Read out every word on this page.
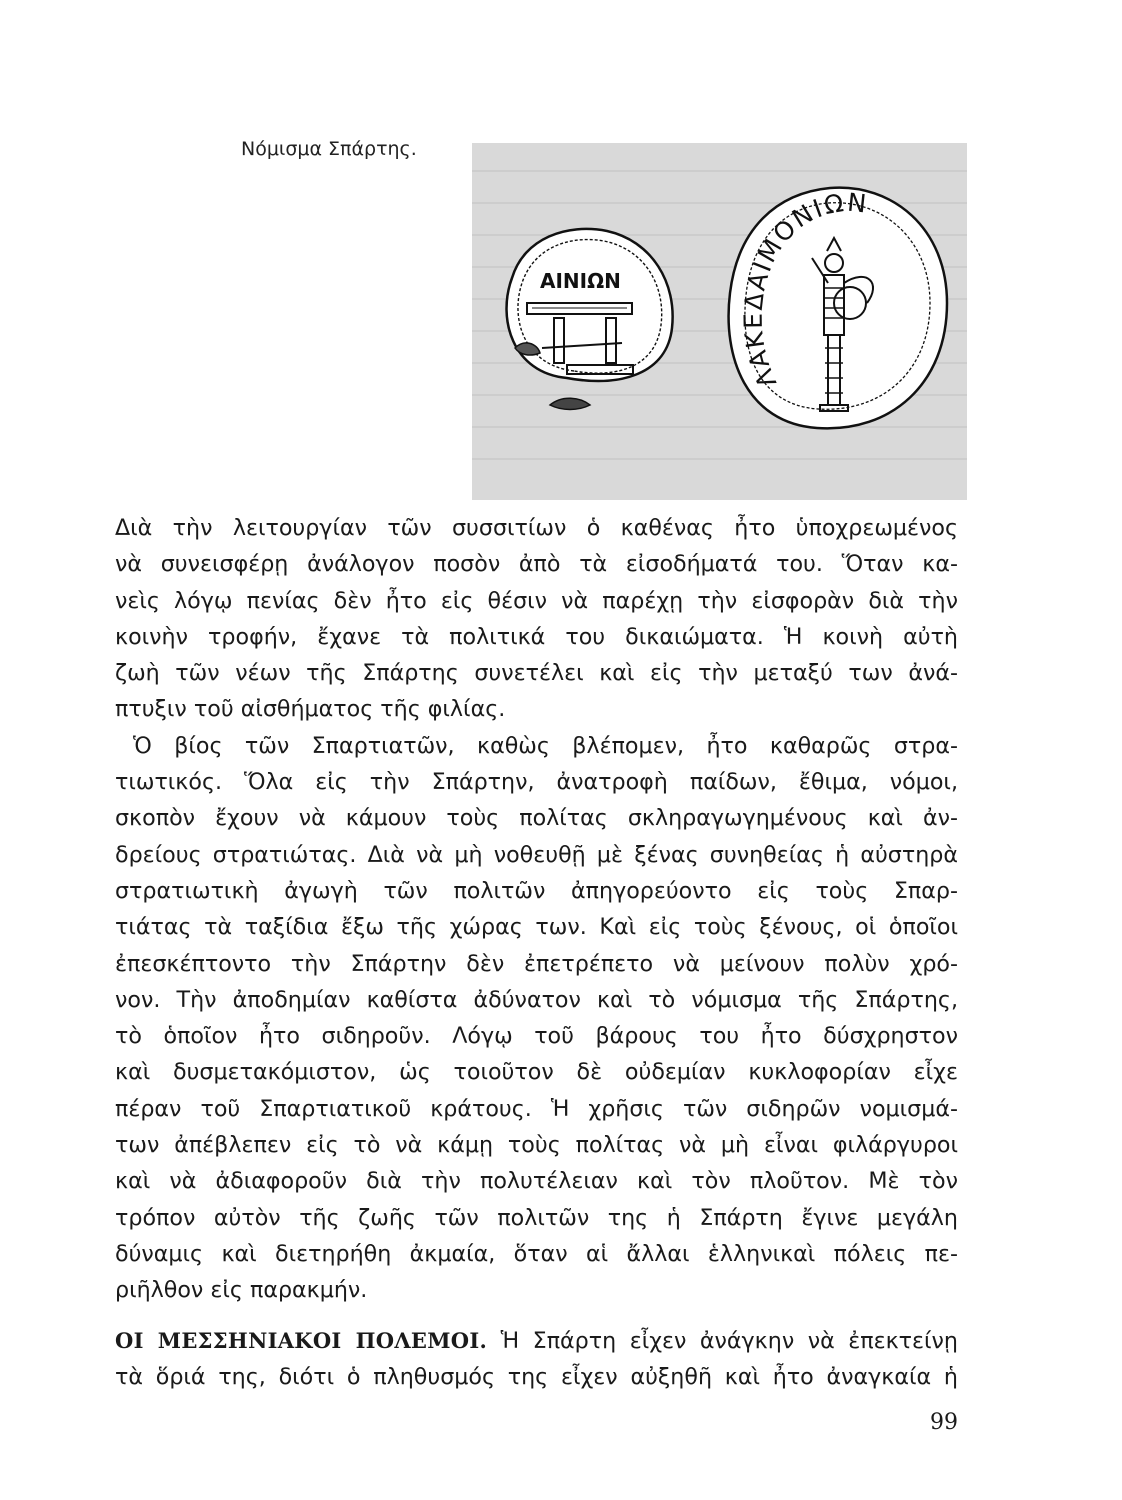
Νόμισμα Σπάρτης.
ΑΙΝΙΩΝ
ΛΑΚΕΔΑΙΜΟΝΙΩΝ
Διὰ τὴν λειτουργίαν τῶν συσσιτίων ὁ καθένας ἦτο ὑποχρεωμένος
νὰ συνεισφέρῃ ἀνάλογον ποσὸν ἀπὸ τὰ εἰσοδήματά του. Ὅταν κα-
νεὶς λόγῳ πενίας δὲν ἦτο εἰς θέσιν νὰ παρέχῃ τὴν εἰσφορὰν διὰ τὴν
κοινὴν τροφήν, ἔχανε τὰ πολιτικά του δικαιώματα. Ἡ κοινὴ αὐτὴ
ζωὴ τῶν νέων τῆς Σπάρτης συνετέλει καὶ εἰς τὴν μεταξύ των ἀνά-
πτυξιν τοῦ αἰσθήματος τῆς φιλίας.
Ὁ βίος τῶν Σπαρτιατῶν, καθὼς βλέπομεν, ἦτο καθαρῶς στρα-
τιωτικός. Ὅλα εἰς τὴν Σπάρτην, ἀνατροφὴ παίδων, ἔθιμα, νόμοι,
σκοπὸν ἔχουν νὰ κάμουν τοὺς πολίτας σκληραγωγημένους καὶ ἀν-
δρείους στρατιώτας. Διὰ νὰ μὴ νοθευθῇ μὲ ξένας συνηθείας ἡ αὐστηρὰ
στρατιωτικὴ ἀγωγὴ τῶν πολιτῶν ἀπηγορεύοντο εἰς τοὺς Σπαρ-
τιάτας τὰ ταξίδια ἔξω τῆς χώρας των. Καὶ εἰς τοὺς ξένους, οἱ ὁποῖοι
ἐπεσκέπτοντο τὴν Σπάρτην δὲν ἐπετρέπετο νὰ μείνουν πολὺν χρό-
νον. Τὴν ἀποδημίαν καθίστα ἀδύνατον καὶ τὸ νόμισμα τῆς Σπάρτης,
τὸ ὁποῖον ἦτο σιδηροῦν. Λόγῳ τοῦ βάρους του ἦτο δύσχρηστον
καὶ δυσμετακόμιστον, ὡς τοιοῦτον δὲ οὐδεμίαν κυκλοφορίαν εἶχε
πέραν τοῦ Σπαρτιατικοῦ κράτους. Ἡ χρῆσις τῶν σιδηρῶν νομισμά-
των ἀπέβλεπεν εἰς τὸ νὰ κάμῃ τοὺς πολίτας νὰ μὴ εἶναι φιλάργυροι
καὶ νὰ ἀδιαφοροῦν διὰ τὴν πολυτέλειαν καὶ τὸν πλοῦτον. Μὲ τὸν
τρόπον αὐτὸν τῆς ζωῆς τῶν πολιτῶν της ἡ Σπάρτη ἔγινε μεγάλη
δύναμις καὶ διετηρήθη ἀκμαία, ὅταν αἱ ἄλλαι ἑλληνικαὶ πόλεις πε-
ριῆλθον εἰς παρακμήν.
ΟΙ ΜΕΣΣΗΝΙΑΚΟΙ ΠΟΛΕΜΟΙ. Ἡ Σπάρτη εἶχεν ἀνάγκην νὰ ἐπεκτείνῃ
τὰ ὅριά της, διότι ὁ πληθυσμός της εἶχεν αὐξηθῆ καὶ ἦτο ἀναγκαία ἡ
99
